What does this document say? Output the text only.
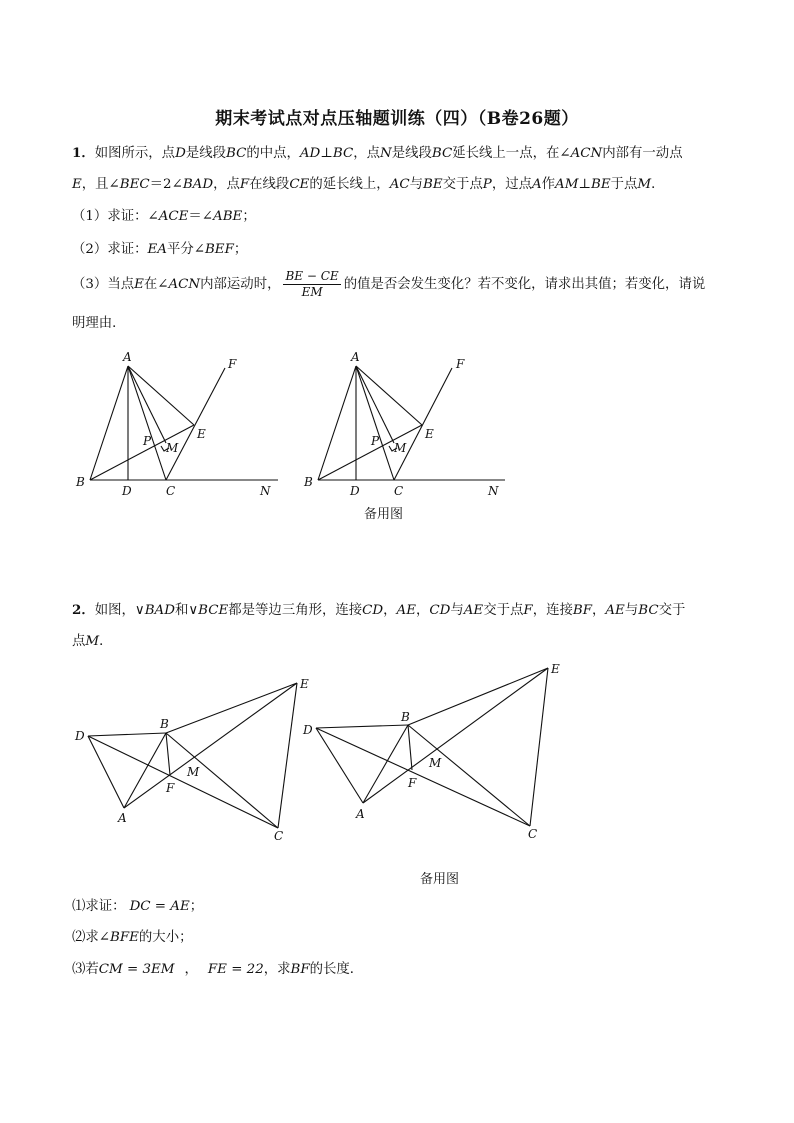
期末考试点对点压轴题训练（四）（B卷26题）
1．如图所示，点D是线段BC的中点，AD⊥BC，点N是线段BC延长线上一点，在∠ACN内部有一动点
E，且∠BEC＝2∠BAD，点F在线段CE的延长线上，AC与BE交于点P，过点A作AM⊥BE于点M．
（1）求证：∠ACE＝∠ABE；
（2）求证：EA平分∠BEF；
（3）当点E在∠ACN内部运动时， $\frac{BE - CE}{EM}$ 的值是否会发生变化？若不变化，请求出其值；若变化，请说
明理由．
A
B
D	C	N
F
E
P M
A
B
D	C	N
F
E
P M
备用图
2．如图，∨BAD和∨BCE都是等边三角形，连接CD，AE，CD与AE交于点F，连接BF，AE与BC交于
点M．
D
B
E
A
C
F
M
D
B
E
A
C
F
M
备用图
⑴求证： DC = AE；
⑵求∠BFE的大小；
⑶若CM = 3EM ， FE = 22，求BF的长度．
